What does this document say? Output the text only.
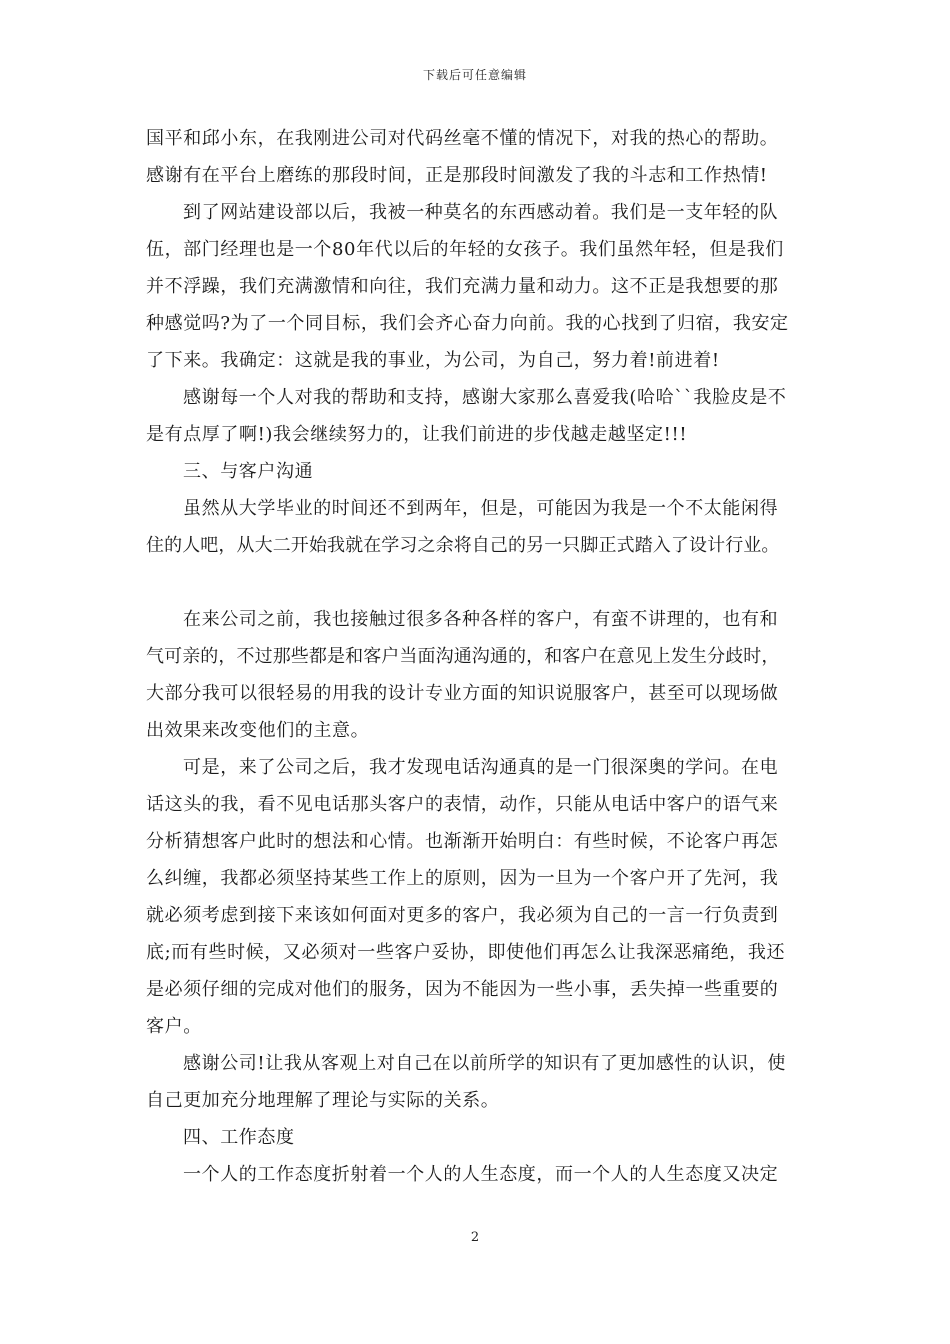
下载后可任意编辑
国平和邱小东，在我刚进公司对代码丝毫不懂的情况下，对我的热心的帮助。
感谢有在平台上磨练的那段时间，正是那段时间激发了我的斗志和工作热情!
到了网站建设部以后，我被一种莫名的东西感动着。我们是一支年轻的队
伍，部门经理也是一个80年代以后的年轻的女孩子。我们虽然年轻，但是我们
并不浮躁，我们充满激情和向往，我们充满力量和动力。这不正是我想要的那
种感觉吗?为了一个同目标，我们会齐心奋力向前。我的心找到了归宿，我安定
了下来。我确定：这就是我的事业，为公司，为自己，努力着!前进着!
感谢每一个人对我的帮助和支持，感谢大家那么喜爱我(哈哈``我脸皮是不
是有点厚了啊!)我会继续努力的，让我们前进的步伐越走越坚定!!!
三、与客户沟通
虽然从大学毕业的时间还不到两年，但是，可能因为我是一个不太能闲得
住的人吧，从大二开始我就在学习之余将自己的另一只脚正式踏入了设计行业。
在来公司之前，我也接触过很多各种各样的客户，有蛮不讲理的，也有和
气可亲的，不过那些都是和客户当面沟通沟通的，和客户在意见上发生分歧时，
大部分我可以很轻易的用我的设计专业方面的知识说服客户，甚至可以现场做
出效果来改变他们的主意。
可是，来了公司之后，我才发现电话沟通真的是一门很深奥的学问。在电
话这头的我，看不见电话那头客户的表情，动作，只能从电话中客户的语气来
分析猜想客户此时的想法和心情。也渐渐开始明白：有些时候，不论客户再怎
么纠缠，我都必须坚持某些工作上的原则，因为一旦为一个客户开了先河，我
就必须考虑到接下来该如何面对更多的客户，我必须为自己的一言一行负责到
底;而有些时候，又必须对一些客户妥协，即使他们再怎么让我深恶痛绝，我还
是必须仔细的完成对他们的服务，因为不能因为一些小事，丢失掉一些重要的
客户。
感谢公司!让我从客观上对自己在以前所学的知识有了更加感性的认识，使
自己更加充分地理解了理论与实际的关系。
四、工作态度
一个人的工作态度折射着一个人的人生态度，而一个人的人生态度又决定
2
